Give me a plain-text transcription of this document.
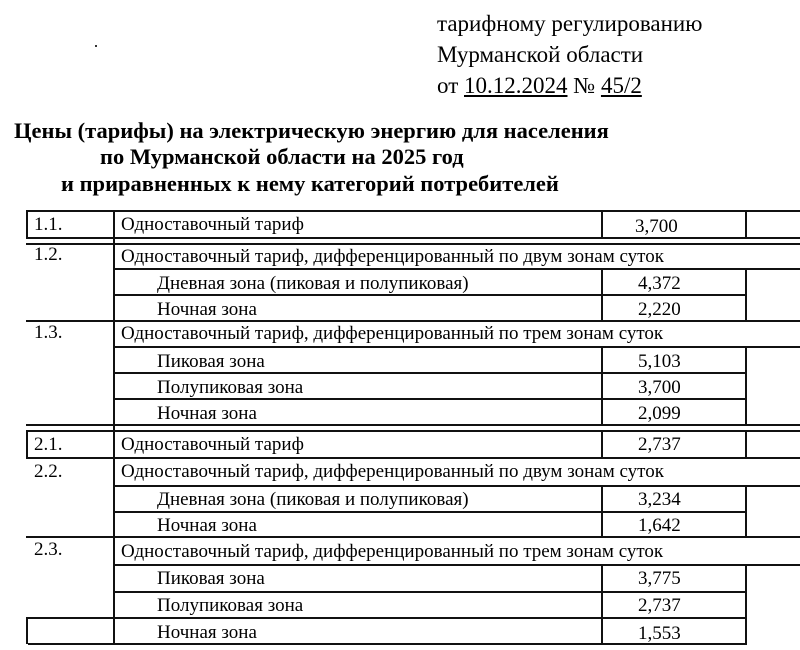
тарифному регулированию
Мурманской области
от 10.12.2024 № 45/2
Цены (тарифы) на электрическую энергию для населения
по Мурманской области на 2025 год
и приравненных к нему категорий потребителей
1.1.	Одноставочный тариф	3,700
1.2.	Одноставочный тариф, дифференцированный по двум зонам суток
Дневная зона (пиковая и полупиковая)	4,372
Ночная зона	2,220
1.3.	Одноставочный тариф, дифференцированный по трем зонам суток
Пиковая зона	5,103
Полупиковая зона	3,700
Ночная зона	2,099
2.1.	Одноставочный тариф	2,737
2.2.	Одноставочный тариф, дифференцированный по двум зонам суток
Дневная зона (пиковая и полупиковая)	3,234
Ночная зона	1,642
2.3.	Одноставочный тариф, дифференцированный по трем зонам суток
Пиковая зона	3,775
Полупиковая зона	2,737
Ночная зона	1,553
